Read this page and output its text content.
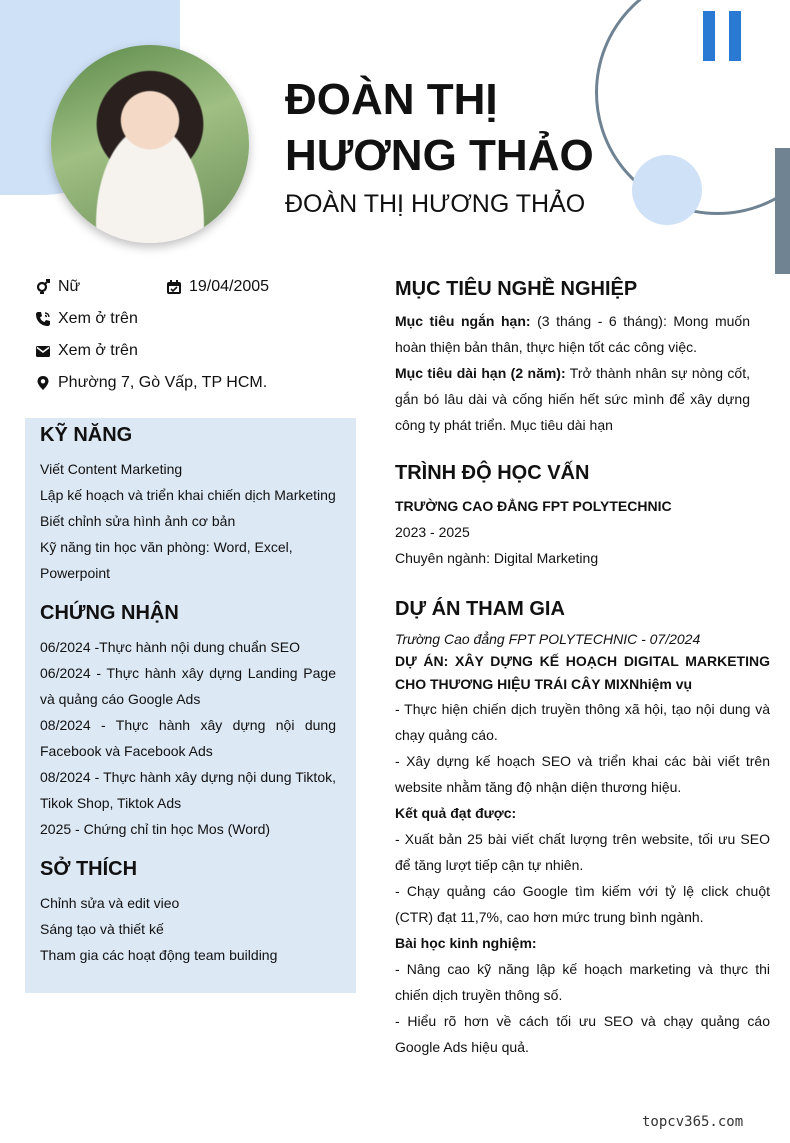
ĐOÀN THỊ
HƯƠNG THẢO
ĐOÀN THỊ HƯƠNG THẢO
Nữ	19/04/2005
Xem ở trên
Xem ở trên
Phường 7, Gò Vấp, TP HCM.
KỸ NĂNG
Viết Content Marketing
Lập kế hoạch và triển khai chiến dịch Marketing
Biết chỉnh sửa hình ảnh cơ bản
Kỹ năng tin học văn phòng: Word, Excel, Powerpoint
CHỨNG NHẬN
06/2024 -Thực hành nội dung chuẩn SEO
06/2024 - Thực hành xây dựng Landing Page và quảng cáo Google Ads
08/2024 - Thực hành xây dựng nội dung Facebook và Facebook Ads
08/2024 - Thực hành xây dựng nội dung Tiktok, Tikok Shop, Tiktok Ads
2025 - Chứng chỉ tin học Mos (Word)
SỞ THÍCH
Chỉnh sửa và edit vieo
Sáng tạo và thiết kế
Tham gia các hoạt động team building
MỤC TIÊU NGHỀ NGHIỆP
Mục tiêu ngắn hạn: (3 tháng - 6 tháng): Mong muốn hoàn thiện bản thân, thực hiện tốt các công việc.
Mục tiêu dài hạn (2 năm): Trở thành nhân sự nòng cốt, gắn bó lâu dài và cống hiến hết sức mình để xây dựng công ty phát triển. Mục tiêu dài hạn
TRÌNH ĐỘ HỌC VẤN
TRƯỜNG CAO ĐẲNG FPT POLYTECHNIC
2023 - 2025
Chuyên ngành: Digital Marketing
DỰ ÁN THAM GIA
Trường Cao đẳng FPT POLYTECHNIC - 07/2024
DỰ ÁN: XÂY DỰNG KẾ HOẠCH DIGITAL MARKETING CHO THƯƠNG HIỆU TRÁI CÂY MIXNhiệm vụ
- Thực hiện chiến dịch truyền thông xã hội, tạo nội dung và chạy quảng cáo.
- Xây dựng kế hoạch SEO và triển khai các bài viết trên website nhằm tăng độ nhận diện thương hiệu.
Kết quả đạt được:
- Xuất bản 25 bài viết chất lượng trên website, tối ưu SEO để tăng lượt tiếp cận tự nhiên.
- Chạy quảng cáo Google tìm kiếm với tỷ lệ click chuột (CTR) đạt 11,7%, cao hơn mức trung bình ngành.
Bài học kinh nghiệm:
- Nâng cao kỹ năng lập kế hoạch marketing và thực thi chiến dịch truyền thông số.
- Hiểu rõ hơn về cách tối ưu SEO và chạy quảng cáo Google Ads hiệu quả.
topcv365.com
